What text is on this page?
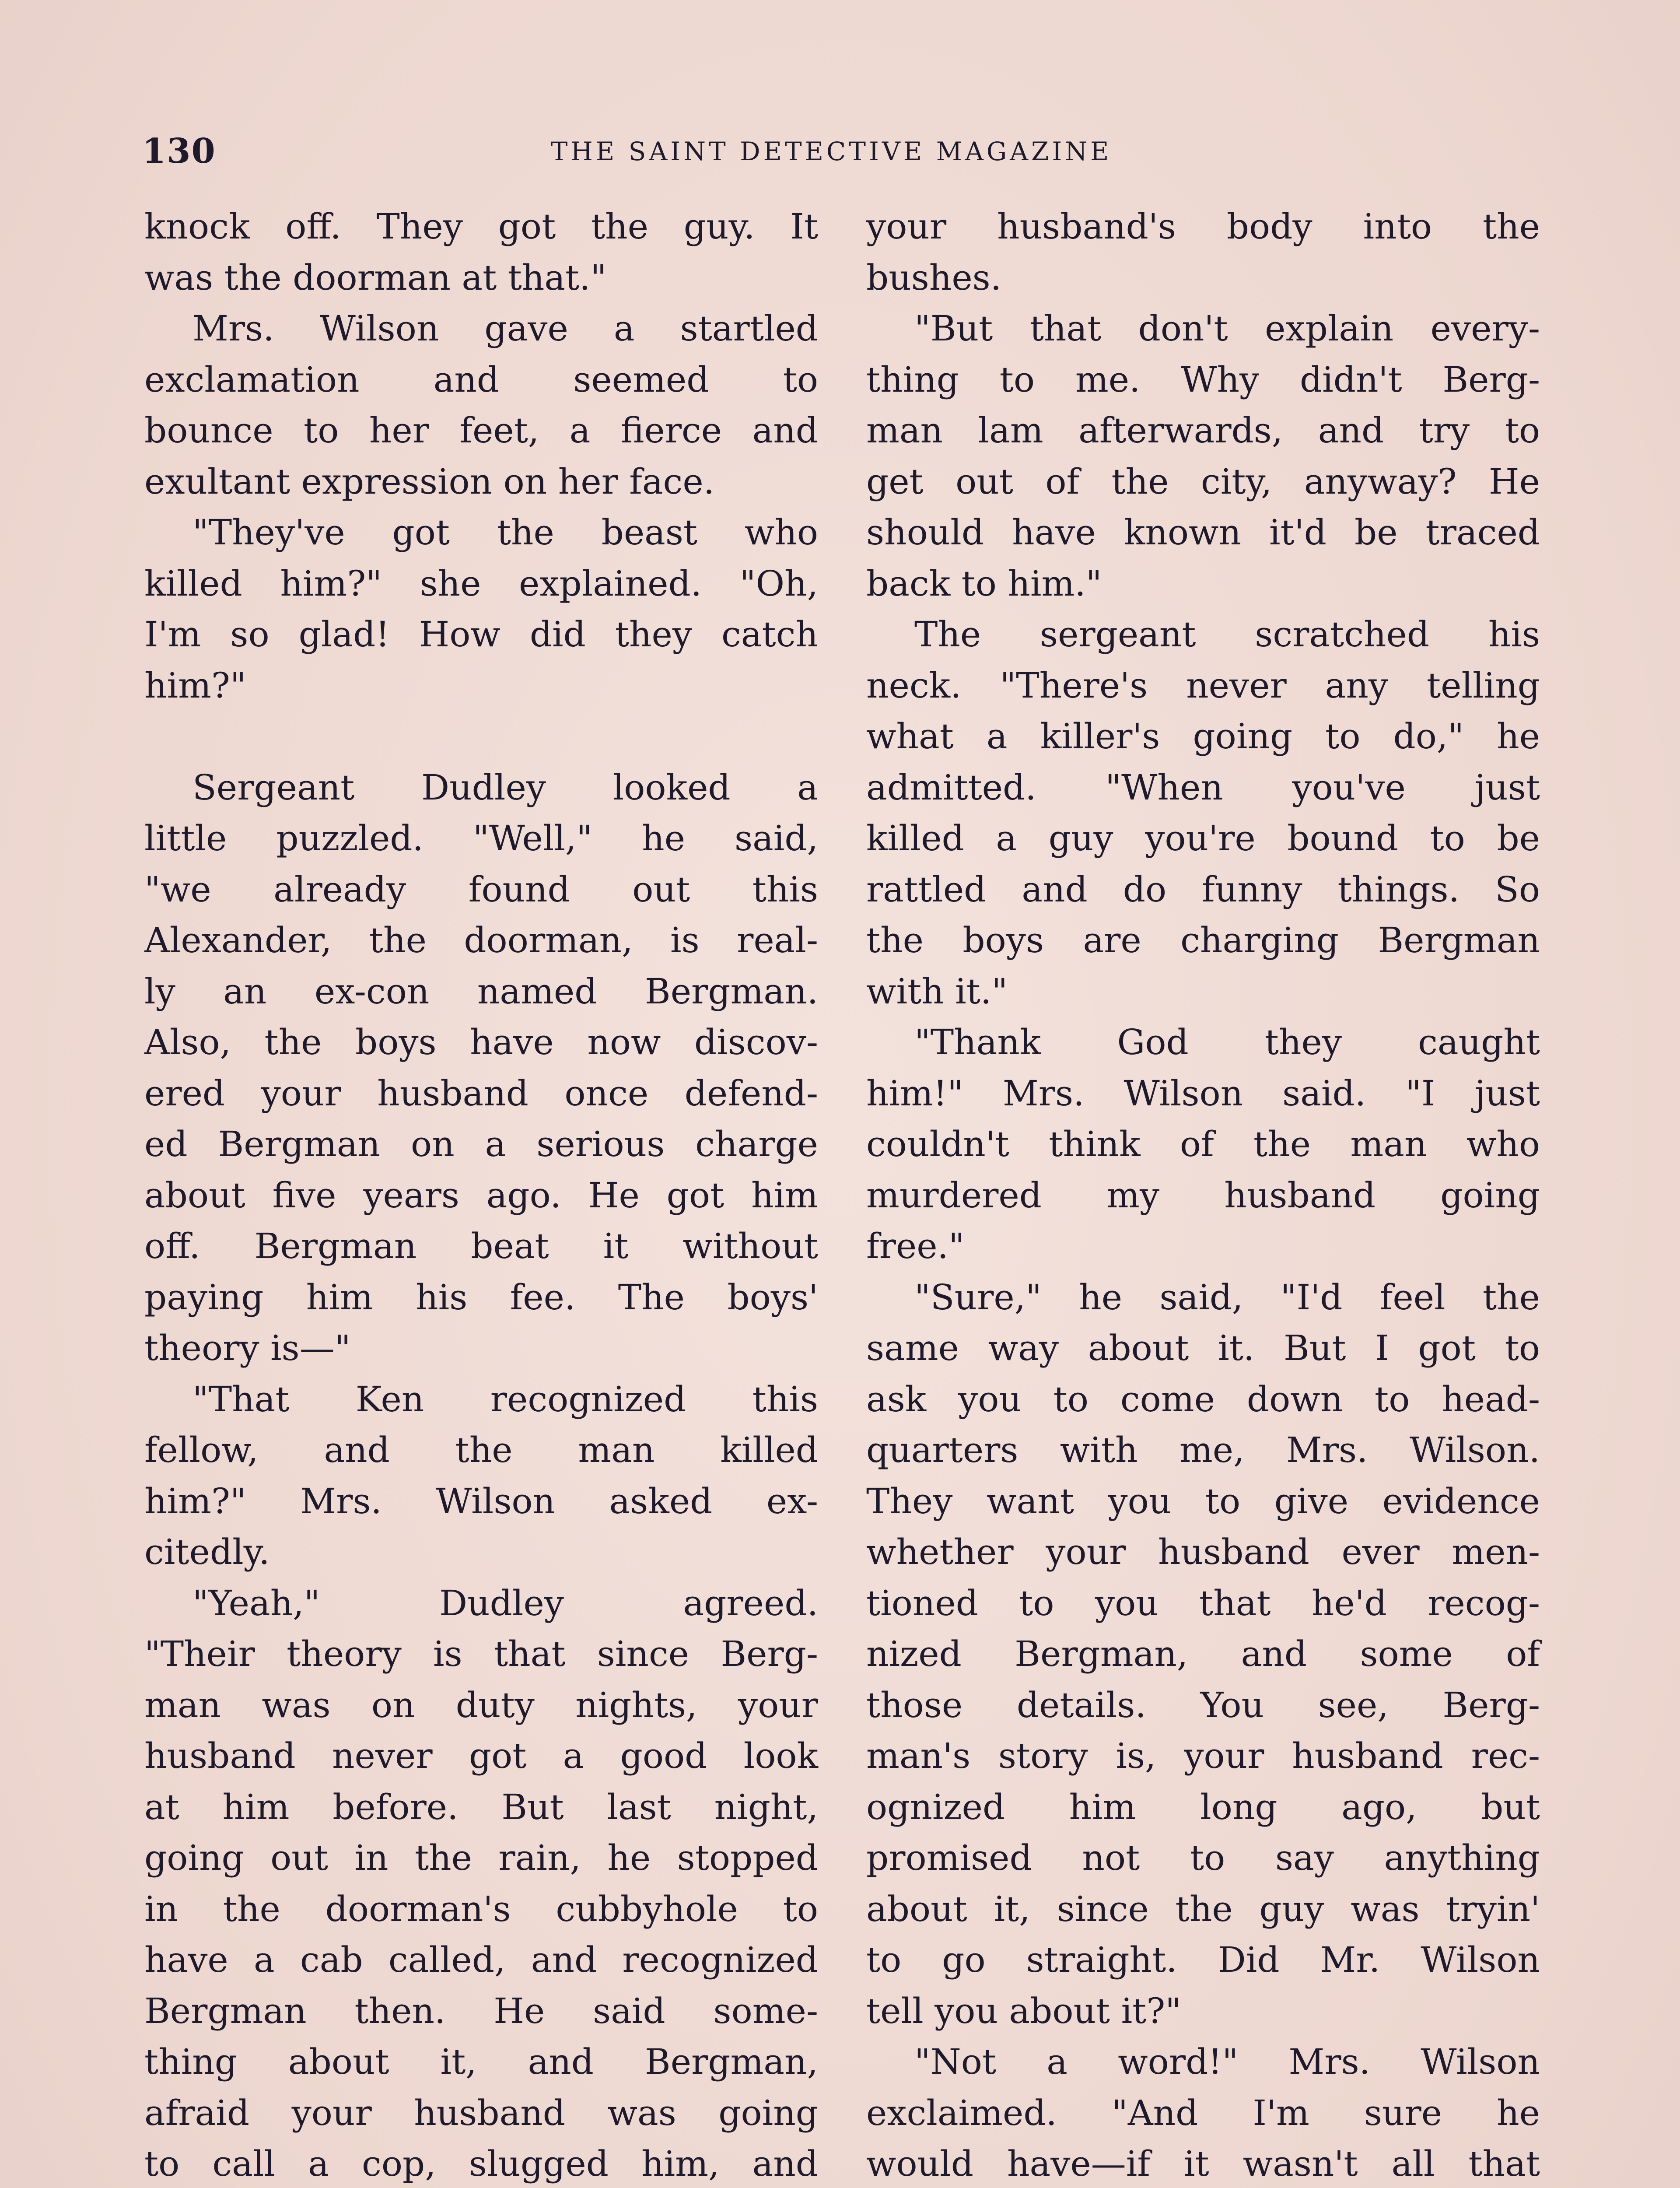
130	THE SAINT DETECTIVE MAGAZINE
knock off. They got the guy. It
was the doorman at that."
Mrs. Wilson gave a startled
exclamation and seemed to
bounce to her feet, a fierce and
exultant expression on her face.
"They've got the beast who
killed him?" she explained. "Oh,
I'm so glad! How did they catch
him?"
Sergeant Dudley looked a
little puzzled. "Well," he said,
"we already found out this
Alexander, the doorman, is real-
ly an ex-con named Bergman.
Also, the boys have now discov-
ered your husband once defend-
ed Bergman on a serious charge
about five years ago. He got him
off. Bergman beat it without
paying him his fee. The boys'
theory is—"
"That Ken recognized this
fellow, and the man killed
him?" Mrs. Wilson asked ex-
citedly.
"Yeah," Dudley agreed.
"Their theory is that since Berg-
man was on duty nights, your
husband never got a good look
at him before. But last night,
going out in the rain, he stopped
in the doorman's cubbyhole to
have a cab called, and recognized
Bergman then. He said some-
thing about it, and Bergman,
afraid your husband was going
to call a cop, slugged him, and
your husband's body into the
bushes.
"But that don't explain every-
thing to me. Why didn't Berg-
man lam afterwards, and try to
get out of the city, anyway? He
should have known it'd be traced
back to him."
The sergeant scratched his
neck. "There's never any telling
what a killer's going to do," he
admitted. "When you've just
killed a guy you're bound to be
rattled and do funny things. So
the boys are charging Bergman
with it."
"Thank God they caught
him!" Mrs. Wilson said. "I just
couldn't think of the man who
murdered my husband going
free."
"Sure," he said, "I'd feel the
same way about it. But I got to
ask you to come down to head-
quarters with me, Mrs. Wilson.
They want you to give evidence
whether your husband ever men-
tioned to you that he'd recog-
nized Bergman, and some of
those details. You see, Berg-
man's story is, your husband rec-
ognized him long ago, but
promised not to say anything
about it, since the guy was tryin'
to go straight. Did Mr. Wilson
tell you about it?"
"Not a word!" Mrs. Wilson
exclaimed. "And I'm sure he
would have—if it wasn't all that
